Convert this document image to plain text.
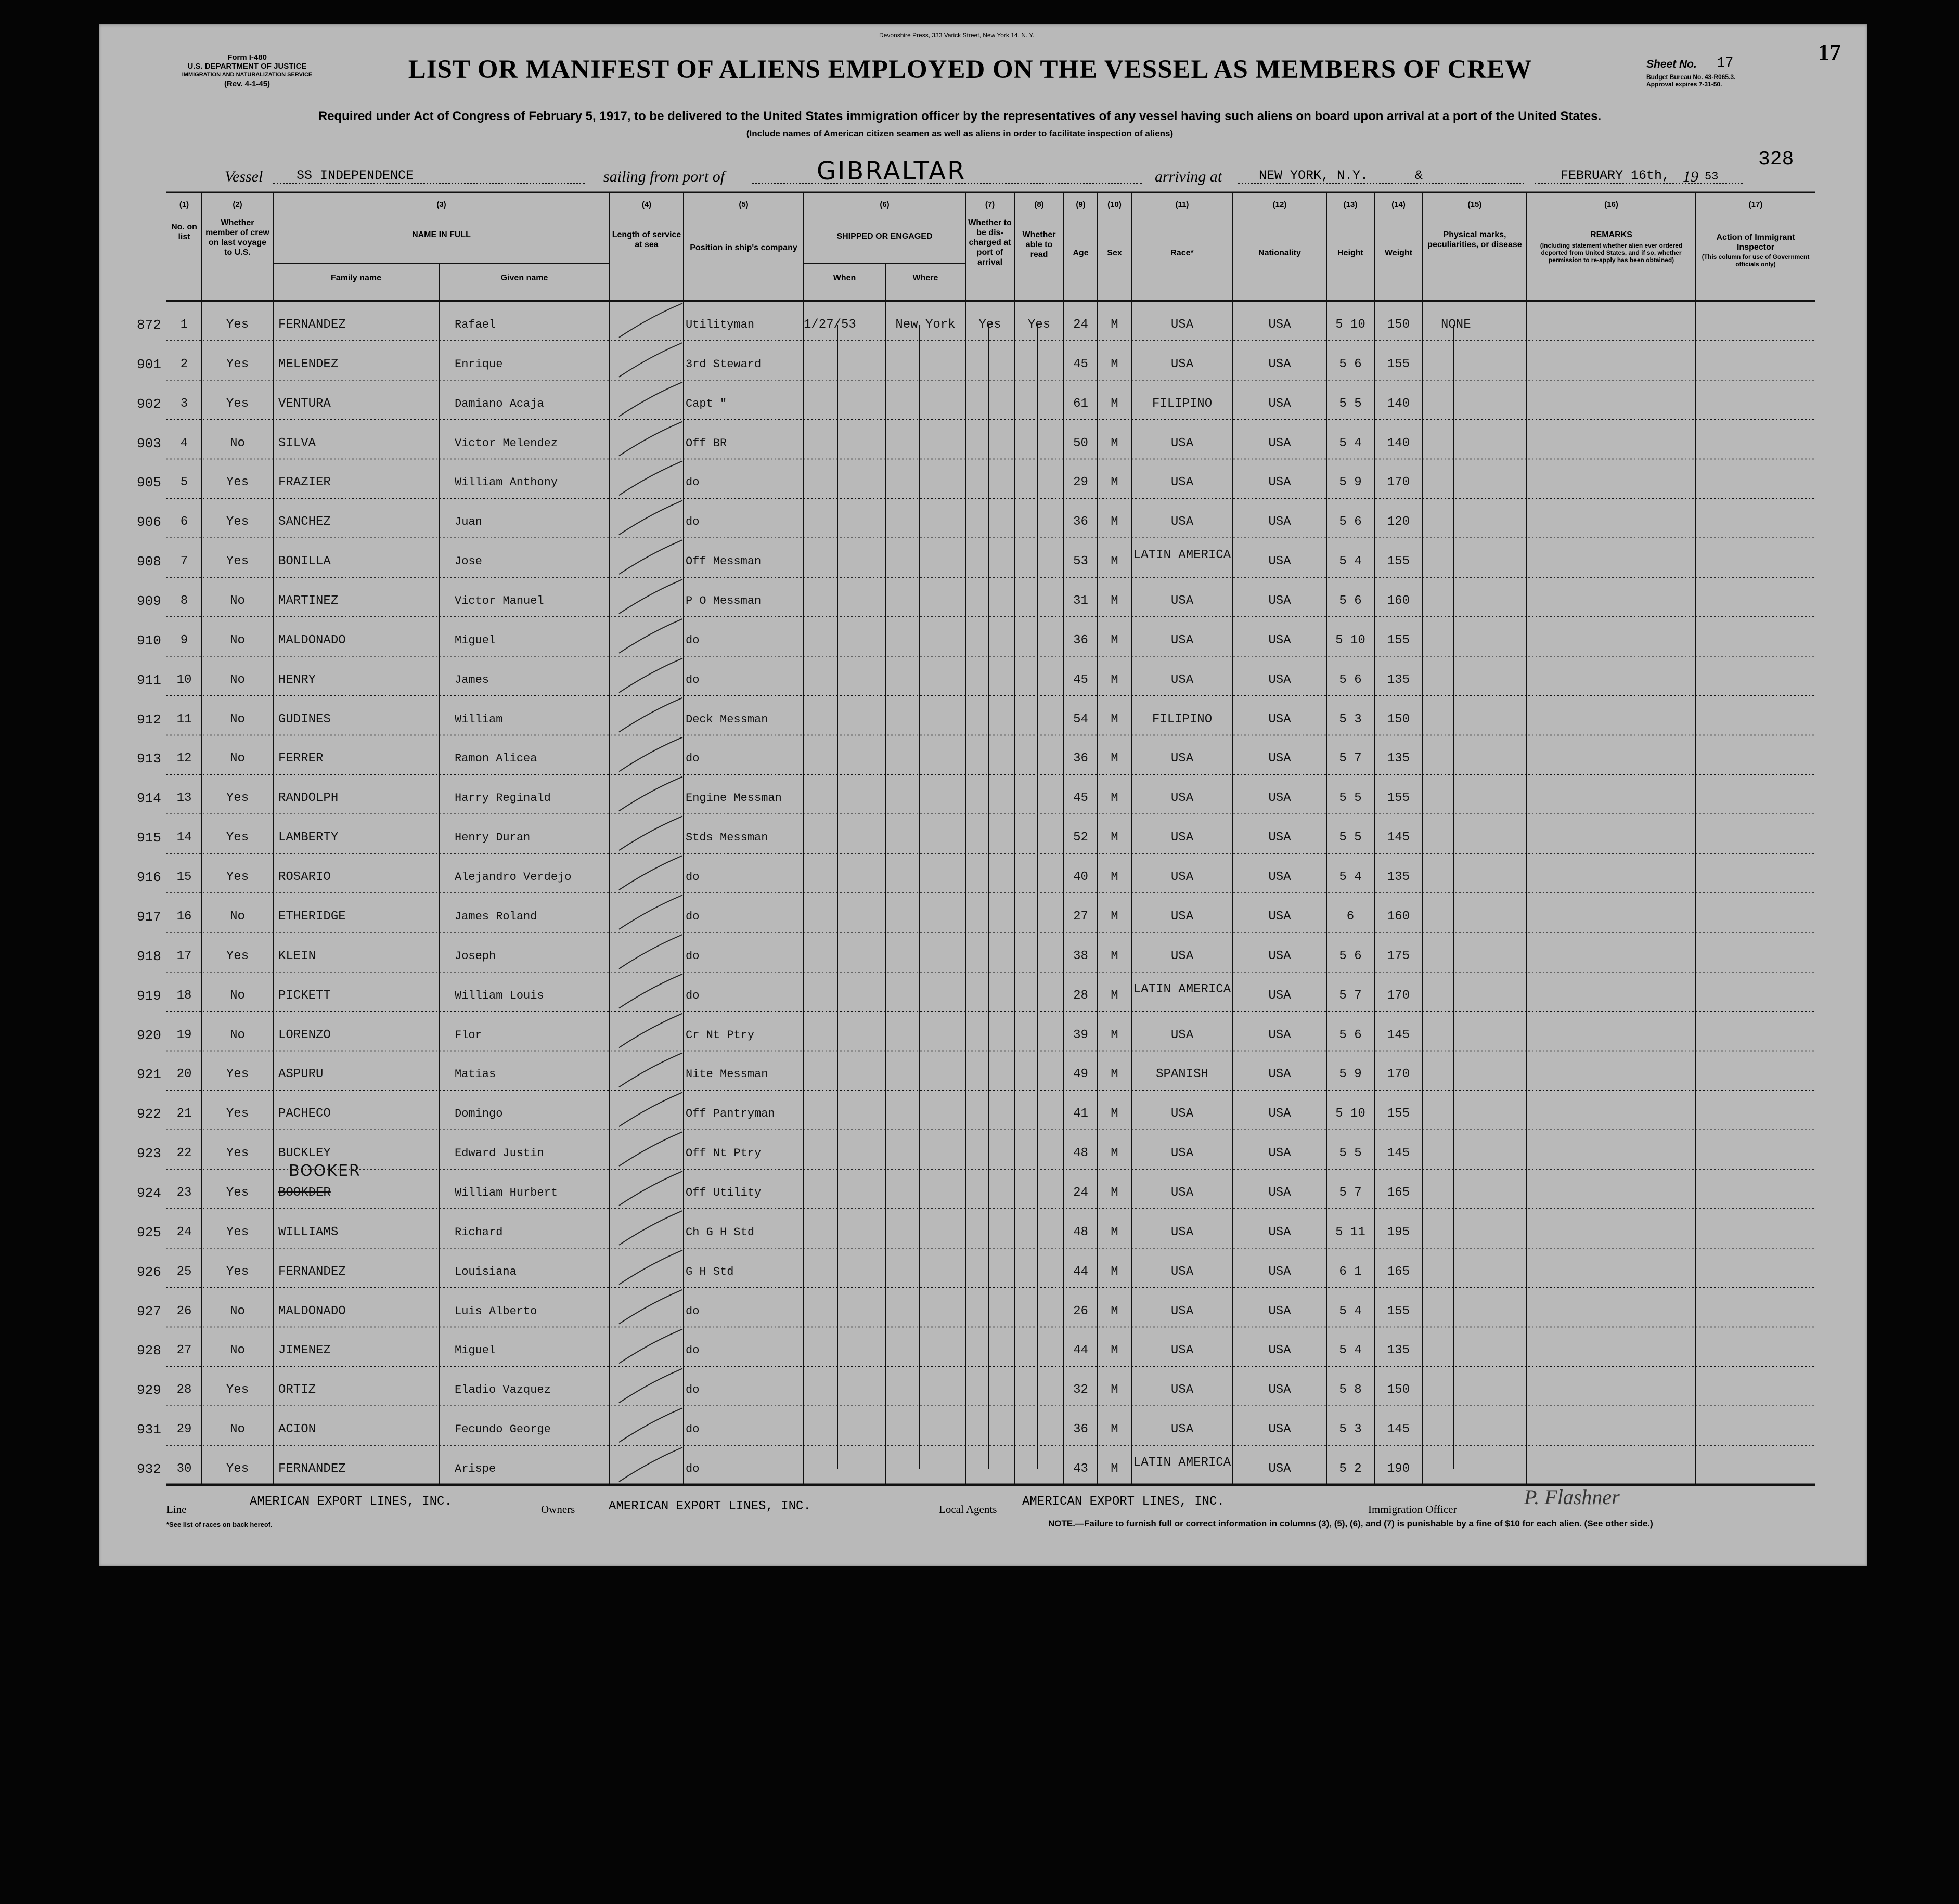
Form I-480
U.S. DEPARTMENT OF JUSTICE
IMMIGRATION AND NATURALIZATION SERVICE
(Rev. 4-1-45)
Devonshire Press, 333 Varick Street, New York 14, N. Y.
LIST OR MANIFEST OF ALIENS EMPLOYED ON THE VESSEL AS MEMBERS OF CREW	Sheet No. 17
Budget Bureau No. 43-R065.3.
Approval expires 7-31-50.
17
Required under Act of Congress of February 5, 1917, to be delivered to the United States immigration officer by the representatives of any vessel having such aliens on board upon arrival at a port of the United States.
(Include names of American citizen seamen as well as aliens in order to facilitate inspection of aliens)
Vessel	SS INDEPENDENCE	sailing from port of	GIBRALTAR	arriving at	NEW YORK, N.Y.	&	FEBRUARY 16th, 19 53
328
No. on list
Whether member of crew on last voyage to U.S.
NAME IN FULL
Family name	Given name
Length of service at sea	Position in ship's company
SHIPPED OR ENGAGED
When	Where
Whether to be dis-charged at port of arrival
Whether able to read	Age	Sex	Race*	Nationality	Height	Weight
Physical marks, peculiarities, or disease
REMARKS
(Including statement whether alien ever ordered deported from United States, and if so, whether permission to re-apply has been obtained)
Action of Immigrant Inspector
(This column for use of Government officials only)
(1)	(2)	(3)	(4)	(5)	(6)	(7)	(8)	(9)	(10)	(11)	(12)	(13)	(14)	(15)	(16)	(17)
872	1	Yes	FERNANDEZ	Rafael	Utilityman	1/27/53	New York	Yes	Yes	24	M	USA	USA	5 10	150	NONE
901	2	Yes	MELENDEZ	Enrique	3rd Steward	45	M	USA	USA	5 6	155
902	3	Yes	VENTURA	Damiano Acaja	Capt "	61	M	FILIPINO	USA	5 5	140
903	4	No	SILVA	Victor Melendez	Off BR	50	M	USA	USA	5 4	140
905	5	Yes	FRAZIER	William Anthony	do	29	M	USA	USA	5 9	170
906	6	Yes	SANCHEZ	Juan	do	36	M	USA	USA	5 6	120
908	7	Yes	BONILLA	Jose	Off Messman	53	M	LATIN AMERICA	USA	5 4	155
909	8	No	MARTINEZ	Victor Manuel	P O Messman	31	M	USA	USA	5 6	160
910	9	No	MALDONADO	Miguel	do	36	M	USA	USA	5 10	155
911	10	No	HENRY	James	do	45	M	USA	USA	5 6	135
912	11	No	GUDINES	William	Deck Messman	54	M	FILIPINO	USA	5 3	150
913	12	No	FERRER	Ramon Alicea	do	36	M	USA	USA	5 7	135
914	13	Yes	RANDOLPH	Harry Reginald	Engine Messman	45	M	USA	USA	5 5	155
915	14	Yes	LAMBERTY	Henry Duran	Stds Messman	52	M	USA	USA	5 5	145
916	15	Yes	ROSARIO	Alejandro Verdejo	do	40	M	USA	USA	5 4	135
917	16	No	ETHERIDGE	James Roland	do	27	M	USA	USA	6	160
918	17	Yes	KLEIN	Joseph	do	38	M	USA	USA	5 6	175
919	18	No	PICKETT	William Louis	do	28	M	LATIN AMERICA	USA	5 7	170
920	19	No	LORENZO	Flor	Cr Nt Ptry	39	M	USA	USA	5 6	145
921	20	Yes	ASPURU	Matias	Nite Messman	49	M	SPANISH	USA	5 9	170
922	21	Yes	PACHECO	Domingo	Off Pantryman	41	M	USA	USA	5 10	155
923	22	Yes	BUCKLEY	Edward Justin	Off Nt Ptry	48	M	USA	USA	5 5	145
924	23	Yes	BOOKDER	William Hurbert	Off Utility	24	M	USA	USA	5 7	165
BOOKER
925	24	Yes	WILLIAMS	Richard	Ch G H Std	48	M	USA	USA	5 11	195
926	25	Yes	FERNANDEZ	Louisiana	G H Std	44	M	USA	USA	6 1	165
927	26	No	MALDONADO	Luis Alberto	do	26	M	USA	USA	5 4	155
928	27	No	JIMENEZ	Miguel	do	44	M	USA	USA	5 4	135
929	28	Yes	ORTIZ	Eladio Vazquez	do	32	M	USA	USA	5 8	150
931	29	No	ACION	Fecundo George	do	36	M	USA	USA	5 3	145
932	30	Yes	FERNANDEZ	Arispe	do	43	M	LATIN AMERICA	USA	5 2	190
Line
AMERICAN EXPORT LINES, INC.
Owners	AMERICAN EXPORT LINES, INC.	Local Agents
AMERICAN EXPORT LINES, INC.
Immigration Officer
P. Flashner
*See list of races on back hereof.	NOTE.—Failure to furnish full or correct information in columns (3), (5), (6), and (7) is punishable by a fine of $10 for each alien. (See other side.)
